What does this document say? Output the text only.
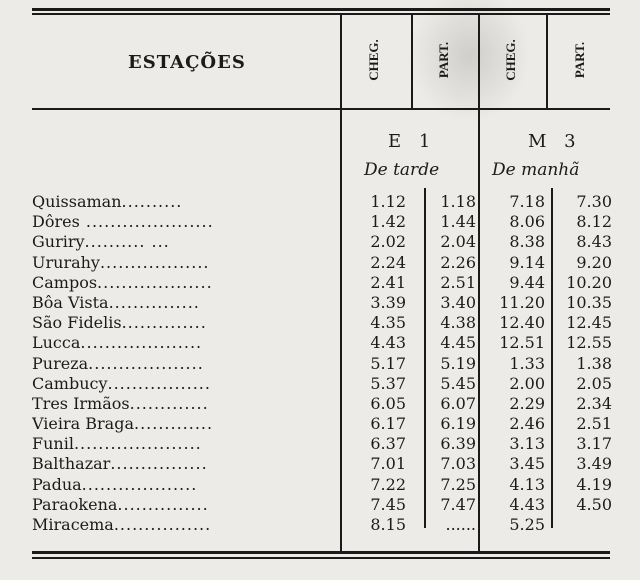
ESTAÇÕES	CHEG.	PART.	CHEG.	PART.
E 1	M 3
De tarde	De manhã
Quissaman..........	1.12	1.18	7.18	7.30
Dôres .....................	1.42	1.44	8.06	8.12
Guriry.......... ...	2.02	2.04	8.38	8.43
Ururahy..................	2.24	2.26	9.14	9.20
Campos...................	2.41	2.51	9.44	10.20
Bôa Vista...............	3.39	3.40	11.20	10.35
São Fidelis..............	4.35	4.38	12.40	12.45
Lucca....................	4.43	4.45	12.51	12.55
Pureza...................	5.17	5.19	1.33	1.38
Cambucy.................	5.37	5.45	2.00	2.05
Tres Irmãos.............	6.05	6.07	2.29	2.34
Vieira Braga.............	6.17	6.19	2.46	2.51
Funil.....................	6.37	6.39	3.13	3.17
Balthazar................	7.01	7.03	3.45	3.49
Padua...................	7.22	7.25	4.13	4.19
Paraokena...............	7.45	7.47	4.43	4.50
Miracema................	8.15	......	5.25
